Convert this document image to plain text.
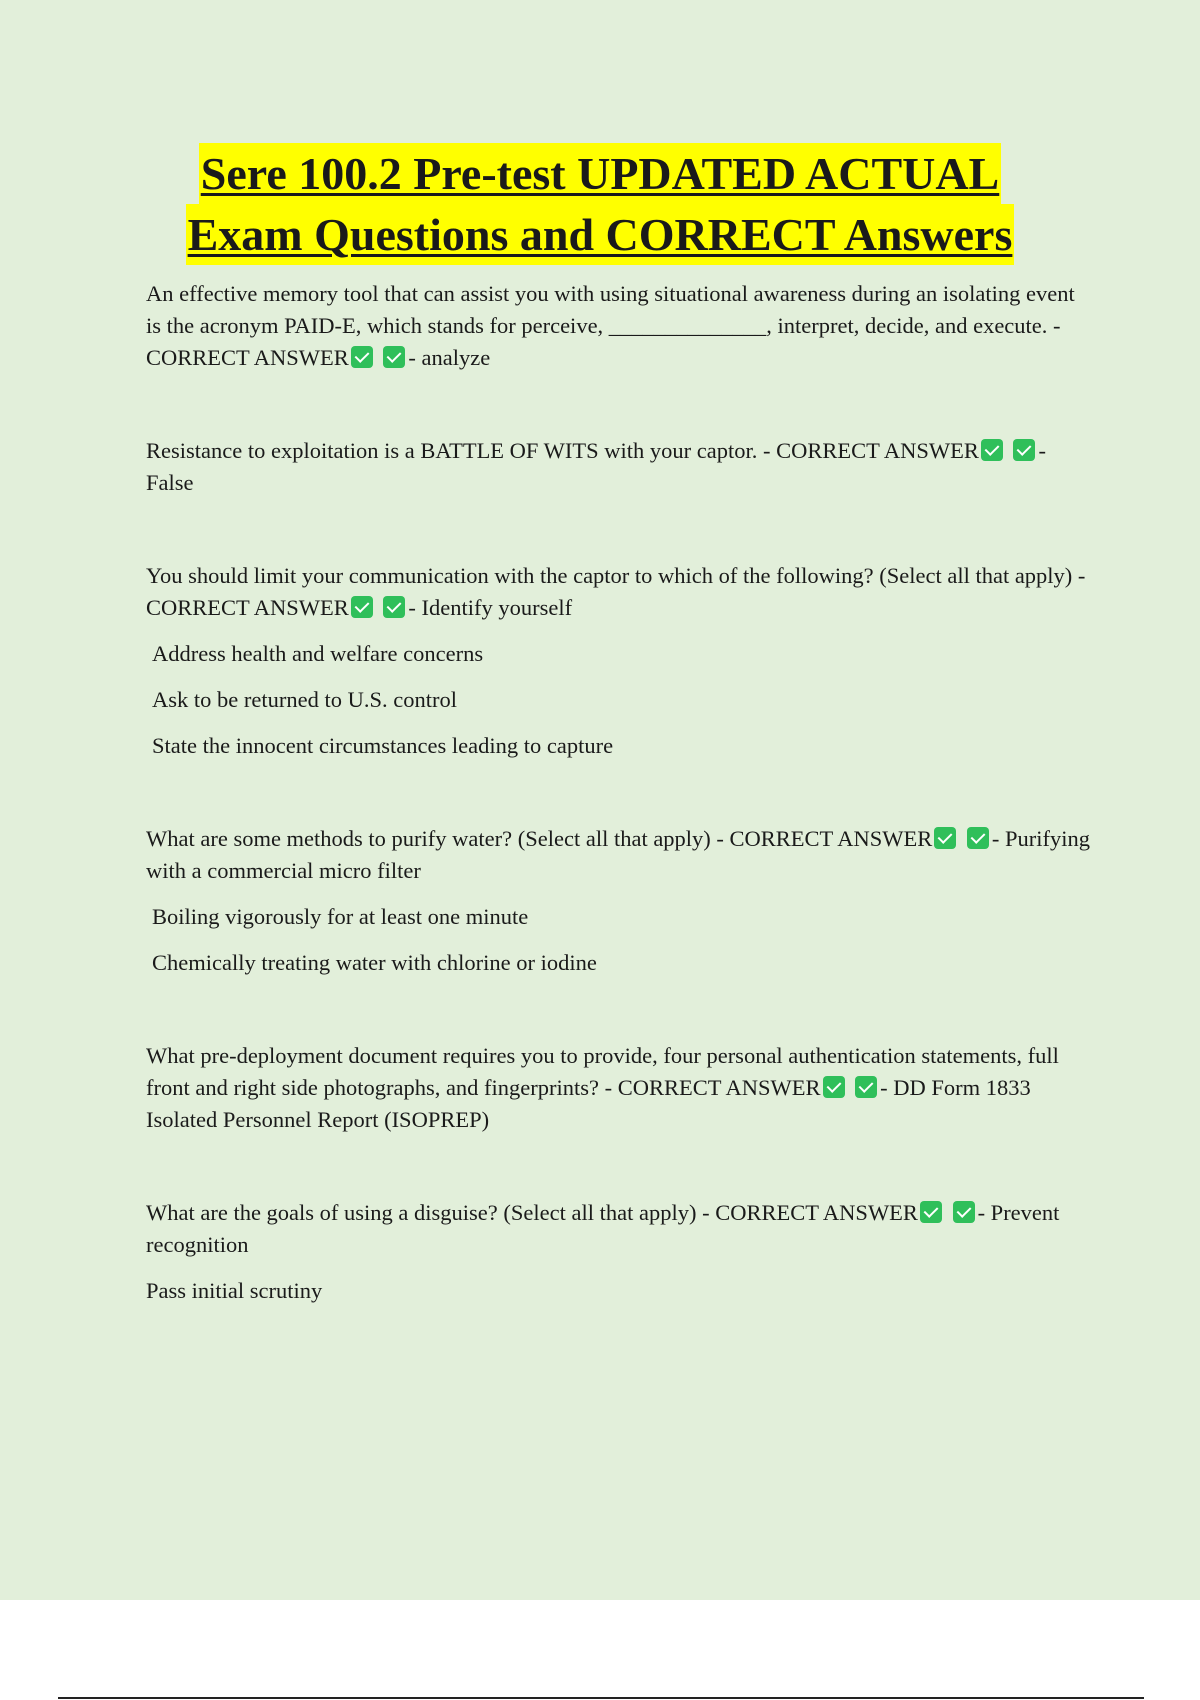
Sere 100.2 Pre-test UPDATED ACTUAL
Exam Questions and CORRECT Answers

An effective memory tool that can assist you with using situational awareness during an isolating event is the acronym PAID-E, which stands for perceive, ______________, interpret, decide, and execute. - CORRECT ANSWER	- analyze

Resistance to exploitation is a BATTLE OF WITS with your captor. - CORRECT ANSWER	- False

You should limit your communication with the captor to which of the following? (Select all that apply) - CORRECT ANSWER	- Identify yourself

Address health and welfare concerns

Ask to be returned to U.S. control

State the innocent circumstances leading to capture

What are some methods to purify water? (Select all that apply) - CORRECT ANSWER	- Purifying with a commercial micro filter

Boiling vigorously for at least one minute

Chemically treating water with chlorine or iodine

What pre-deployment document requires you to provide, four personal authentication statements, full front and right side photographs, and fingerprints? - CORRECT ANSWER	- DD Form 1833 Isolated Personnel Report (ISOPREP)

What are the goals of using a disguise? (Select all that apply) - CORRECT ANSWER	- Prevent recognition

Pass initial scrutiny
